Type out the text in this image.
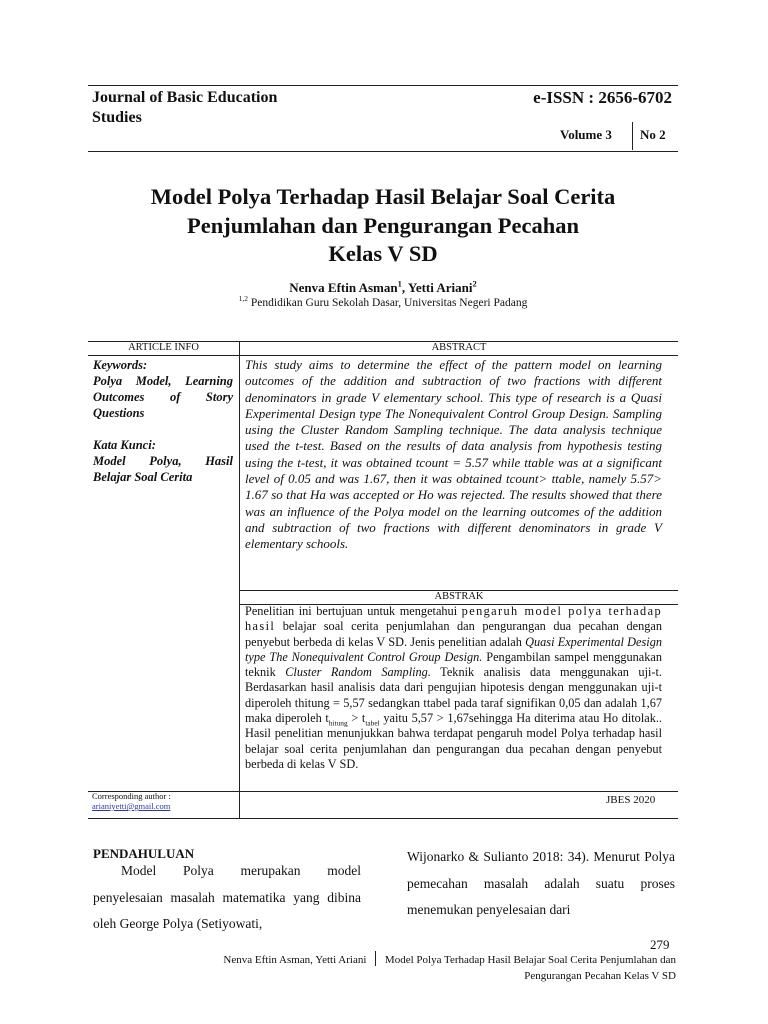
Journal of Basic Education Studies
e-ISSN : 2656-6702
Volume 3 No 2
Model Polya Terhadap Hasil Belajar Soal Cerita
Penjumlahan dan Pengurangan Pecahan
Kelas V SD
Nenva Eftin Asman$^1$, Yetti Ariani$^2$
$^{1,2}$ Pendidikan Guru Sekolah Dasar, Universitas Negeri Padang
ARTICLE INFO	ABSTRACT

Keywords:

Polya Model, Learning Outcomes of Story Questions

Kata Kunci:

Model Polya, Hasil Belajar Soal Cerita

This study aims to determine the effect of the pattern model on learning outcomes of the addition and subtraction of two fractions with different denominators in grade V elementary school. This type of research is a Quasi Experimental Design type The Nonequivalent Control Group Design. Sampling using the Cluster Random Sampling technique. The data analysis technique used the t-test. Based on the results of data analysis from hypothesis testing using the t-test, it was obtained tcount = 5.57 while ttable was at a significant level of 0.05 and was 1.67, then it was obtained tcount> ttable, namely 5.57> 1.67 so that Ha was accepted or Ho was rejected. The results showed that there was an influence of the Polya model on the learning outcomes of the addition and subtraction of two fractions with different denominators in grade V elementary schools.
ABSTRAK
Penelitian ini bertujuan untuk mengetahui pengaruh model polya terhadap hasil belajar soal cerita penjumlahan dan pengurangan dua pecahan dengan penyebut berbeda di kelas V SD. Jenis penelitian adalah Quasi Experimental Design type The Nonequivalent Control Group Design. Pengambilan sampel menggunakan teknik Cluster Random Sampling. Teknik analisis data menggunakan uji-t. Berdasarkan hasil analisis data dari pengujian hipotesis dengan menggunakan uji-t diperoleh thitung = 5,57 sedangkan ttabel pada taraf signifikan 0,05 dan adalah 1,67 maka diperoleh $t_{hitung} > t_{tabel}$ yaitu 5,57 > 1,67sehingga Ha diterima atau Ho ditolak.. Hasil penelitian menunjukkan bahwa terdapat pengaruh model Polya terhadap hasil belajar soal cerita penjumlahan dan pengurangan dua pecahan dengan penyebut berbeda di kelas V SD.
Corresponding author :
arianiyetti@gmail.com	JBES 2020
PENDAHULUAN
Model Polya merupakan model penyelesaian masalah matematika yang dibina oleh George Polya (Setiyowati,
Wijonarko & Sulianto 2018: 34). Menurut Polya pemecahan masalah adalah suatu proses menemukan penyelesaian dari
279
Nenva Eftin Asman, Yetti Ariani Model Polya Terhadap Hasil Belajar Soal Cerita Penjumlahan dan
Pengurangan Pecahan Kelas V SD
